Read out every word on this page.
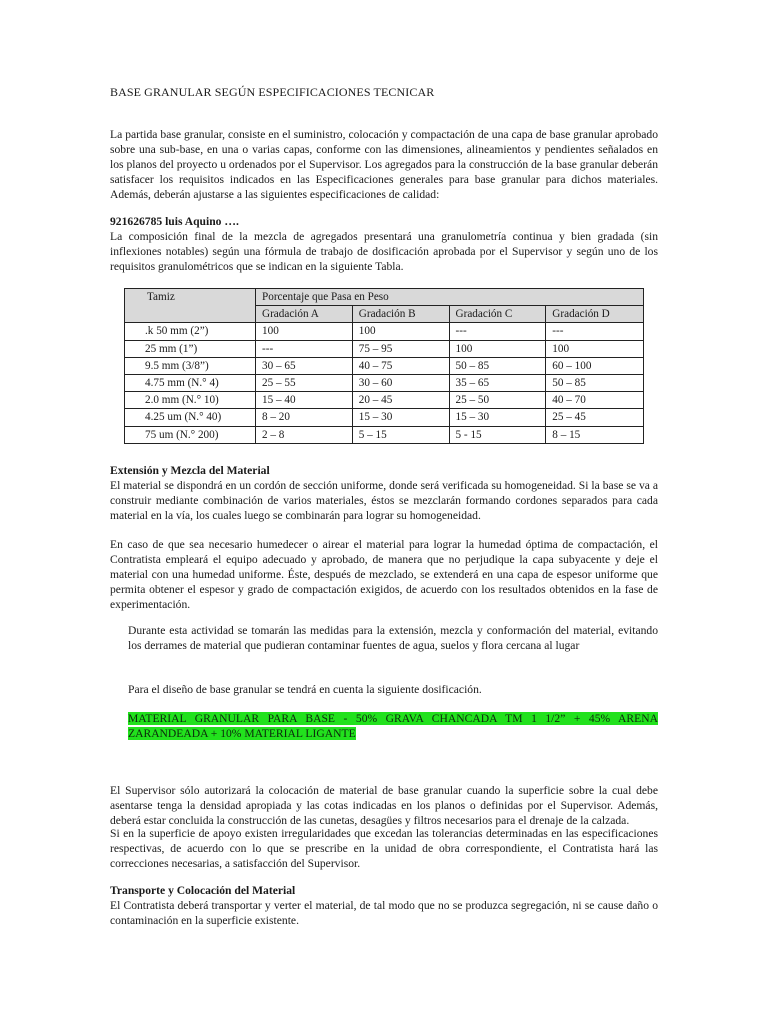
BASE GRANULAR SEGÚN ESPECIFICACIONES TECNICAR
La partida base granular, consiste en el suministro, colocación y compactación de una capa de base granular aprobado sobre una sub-base, en una o varias capas, conforme con las dimensiones, alineamientos y pendientes señalados en los planos del proyecto u ordenados por el Supervisor. Los agregados para la construcción de la base granular deberán satisfacer los requisitos indicados en las Especificaciones generales para base granular para dichos materiales. Además, deberán ajustarse a las siguientes especificaciones de calidad:
921626785 luis Aquino ….
La composición final de la mezcla de agregados presentará una granulometría continua y bien gradada (sin inflexiones notables) según una fórmula de trabajo de dosificación aprobada por el Supervisor y según uno de los requisitos granulométricos que se indican en la siguiente Tabla.
Tamiz	Porcentaje que Pasa en Peso			
	Gradación A	Gradación B	Gradación C	Gradación D
.k 50 mm (2”)	100	100	---	---
25 mm (1”)	---	75 – 95	100	100
9.5 mm (3/8”)	30 – 65	40 – 75	50 – 85	60 – 100
4.75 mm (N.° 4)	25 – 55	30 – 60	35 – 65	50 – 85
2.0 mm (N.° 10)	15 – 40	20 – 45	25 – 50	40 – 70
4.25 um (N.° 40)	8 – 20	15 – 30	15 – 30	25 – 45
75 um (N.° 200)	2 – 8	5 – 15	5 - 15	8 – 15
Extensión y Mezcla del Material
El material se dispondrá en un cordón de sección uniforme, donde será verificada su homogeneidad. Si la base se va a construir mediante combinación de varios materiales, éstos se mezclarán formando cordones separados para cada material en la vía, los cuales luego se combinarán para lograr su homogeneidad.
En caso de que sea necesario humedecer o airear el material para lograr la humedad óptima de compactación, el Contratista empleará el equipo adecuado y aprobado, de manera que no perjudique la capa subyacente y deje el material con una humedad uniforme. Éste, después de mezclado, se extenderá en una capa de espesor uniforme que permita obtener el espesor y grado de compactación exigidos, de acuerdo con los resultados obtenidos en la fase de experimentación.
Durante esta actividad se tomarán las medidas para la extensión, mezcla y conformación del material, evitando los derrames de material que pudieran contaminar fuentes de agua, suelos y flora cercana al lugar
Para el diseño de base granular se tendrá en cuenta la siguiente dosificación.
MATERIAL GRANULAR PARA BASE - 50% GRAVA CHANCADA TM 1 1/2” + 45% ARENA ZARANDEADA + 10% MATERIAL LIGANTE
El Supervisor sólo autorizará la colocación de material de base granular cuando la superficie sobre la cual debe asentarse tenga la densidad apropiada y las cotas indicadas en los planos o definidas por el Supervisor. Además, deberá estar concluida la construcción de las cunetas, desagües y filtros necesarios para el drenaje de la calzada.
Si en la superficie de apoyo existen irregularidades que excedan las tolerancias determinadas en las especificaciones respectivas, de acuerdo con lo que se prescribe en la unidad de obra correspondiente, el Contratista hará las correcciones necesarias, a satisfacción del Supervisor.
Transporte y Colocación del Material
El Contratista deberá transportar y verter el material, de tal modo que no se produzca segregación, ni se cause daño o contaminación en la superficie existente.
